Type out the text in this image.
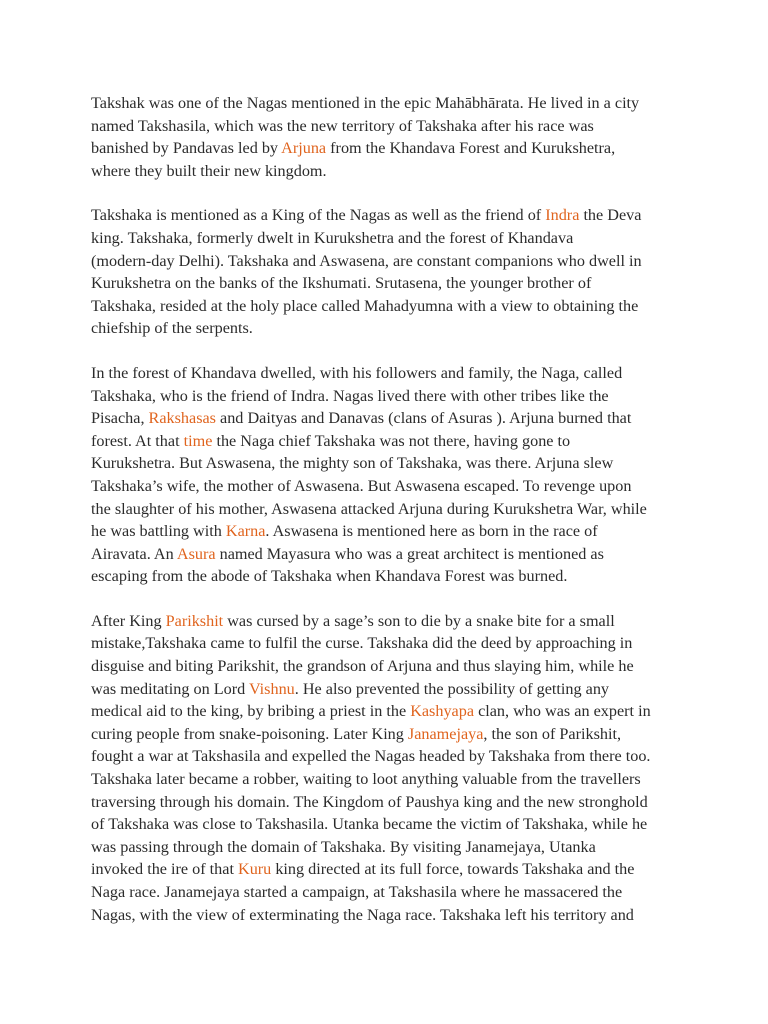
Takshak was one of the Nagas mentioned in the epic Mahābhārata. He lived in a city
named Takshasila, which was the new territory of Takshaka after his race was
banished by Pandavas led by Arjuna from the Khandava Forest and Kurukshetra,
where they built their new kingdom.

Takshaka is mentioned as a King of the Nagas as well as the friend of Indra the Deva
king. Takshaka, formerly dwelt in Kurukshetra and the forest of Khandava
(modern-day Delhi). Takshaka and Aswasena, are constant companions who dwell in
Kurukshetra on the banks of the Ikshumati. Srutasena, the younger brother of
Takshaka, resided at the holy place called Mahadyumna with a view to obtaining the
chiefship of the serpents.

In the forest of Khandava dwelled, with his followers and family, the Naga, called
Takshaka, who is the friend of Indra. Nagas lived there with other tribes like the
Pisacha, Rakshasas and Daityas and Danavas (clans of Asuras ). Arjuna burned that
forest. At that time the Naga chief Takshaka was not there, having gone to
Kurukshetra. But Aswasena, the mighty son of Takshaka, was there. Arjuna slew
Takshaka’s wife, the mother of Aswasena. But Aswasena escaped. To revenge upon
the slaughter of his mother, Aswasena attacked Arjuna during Kurukshetra War, while
he was battling with Karna. Aswasena is mentioned here as born in the race of
Airavata. An Asura named Mayasura who was a great architect is mentioned as
escaping from the abode of Takshaka when Khandava Forest was burned.

After King Parikshit was cursed by a sage’s son to die by a snake bite for a small
mistake,Takshaka came to fulfil the curse. Takshaka did the deed by approaching in
disguise and biting Parikshit, the grandson of Arjuna and thus slaying him, while he
was meditating on Lord Vishnu. He also prevented the possibility of getting any
medical aid to the king, by bribing a priest in the Kashyapa clan, who was an expert in
curing people from snake-poisoning. Later King Janamejaya, the son of Parikshit,
fought a war at Takshasila and expelled the Nagas headed by Takshaka from there too.
Takshaka later became a robber, waiting to loot anything valuable from the travellers
traversing through his domain. The Kingdom of Paushya king and the new stronghold
of Takshaka was close to Takshasila. Utanka became the victim of Takshaka, while he
was passing through the domain of Takshaka. By visiting Janamejaya, Utanka
invoked the ire of that Kuru king directed at its full force, towards Takshaka and the
Naga race. Janamejaya started a campaign, at Takshasila where he massacered the
Nagas, with the view of exterminating the Naga race. Takshaka left his territory and
